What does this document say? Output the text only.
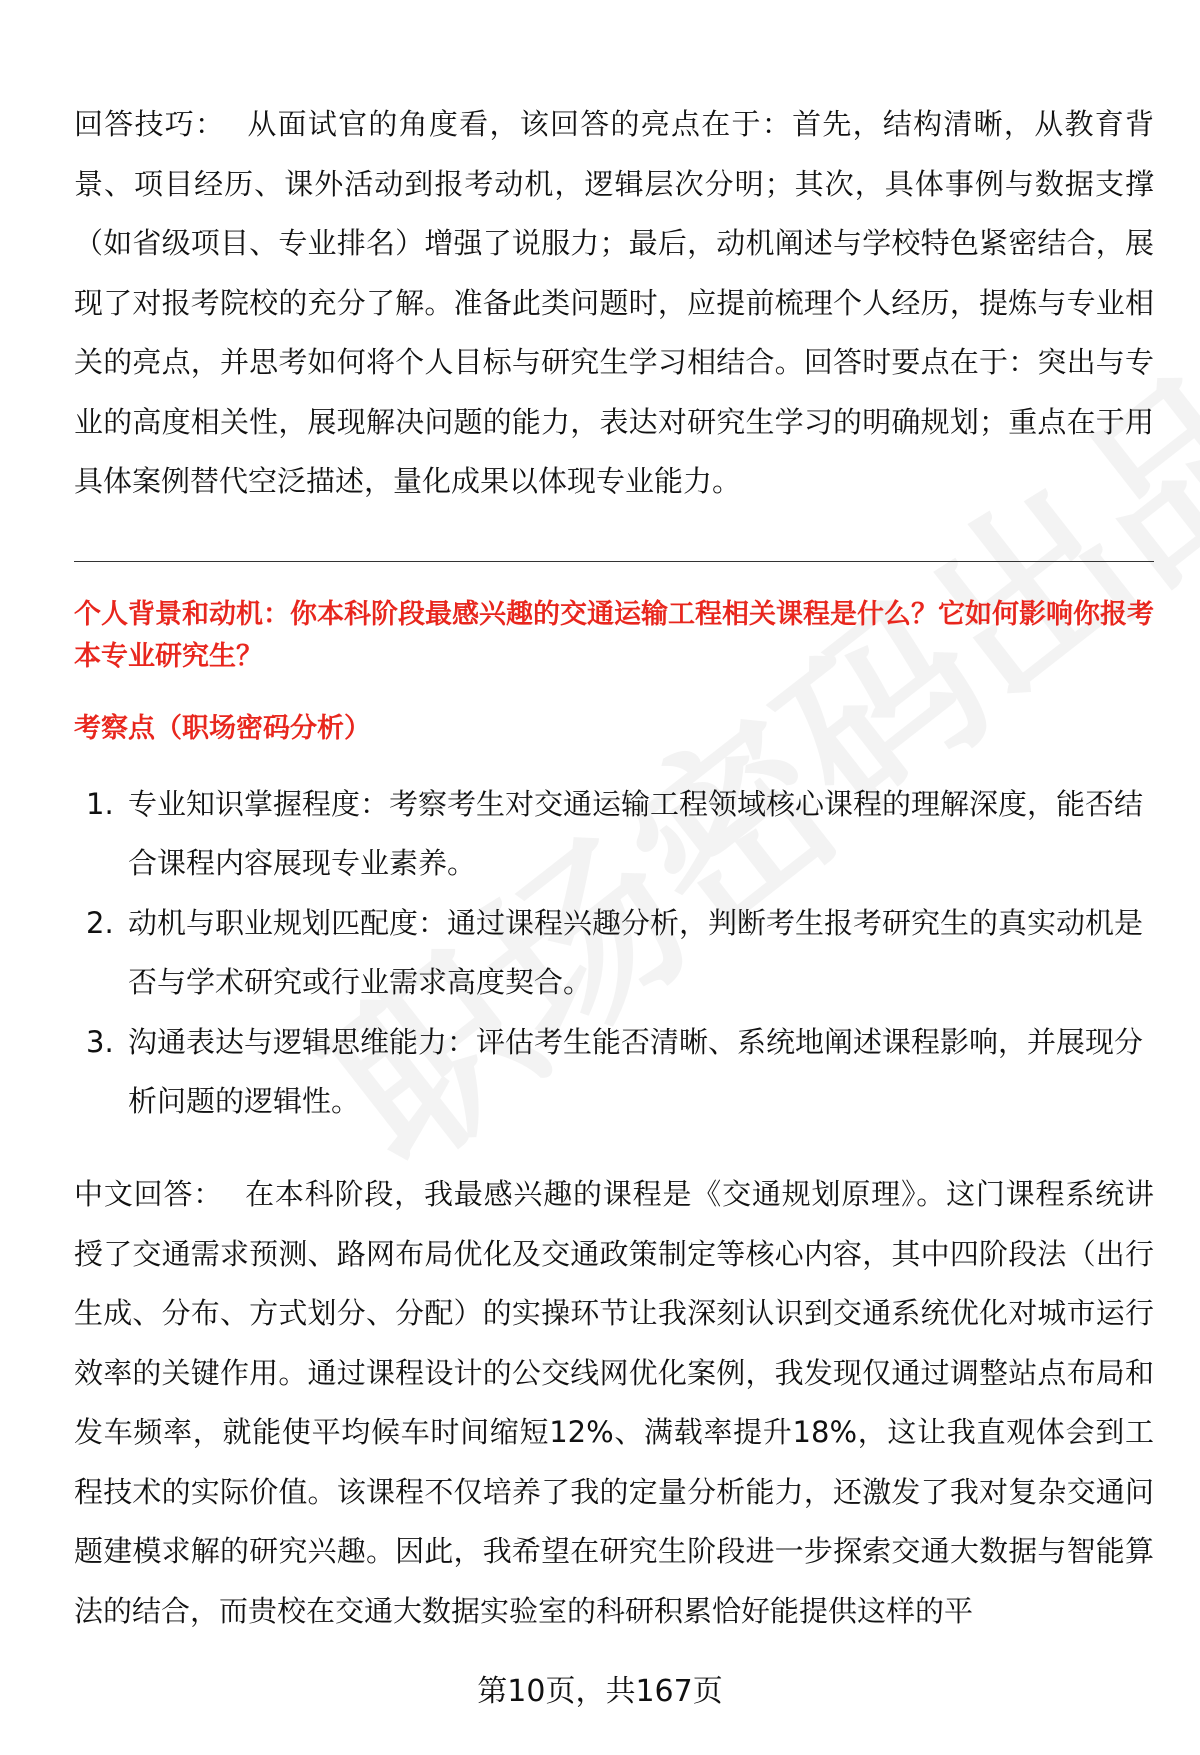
回答技巧： 从面试官的角度看，该回答的亮点在于：首先，结构清晰，从教育背景、项目经历、课外活动到报考动机，逻辑层次分明；其次，具体事例与数据支撑（如省级项目、专业排名）增强了说服力；最后，动机阐述与学校特色紧密结合，展现了对报考院校的充分了解。准备此类问题时，应提前梳理个人经历，提炼与专业相关的亮点，并思考如何将个人目标与研究生学习相结合。回答时要点在于：突出与专业的高度相关性，展现解决问题的能力，表达对研究生学习的明确规划；重点在于用具体案例替代空泛描述，量化成果以体现专业能力。

个人背景和动机：你本科阶段最感兴趣的交通运输工程相关课程是什么？它如何影响你报考本专业研究生？
考察点（职场密码分析）
1. 专业知识掌握程度：考察考生对交通运输工程领域核心课程的理解深度，能否结合课程内容展现专业素养。
2. 动机与职业规划匹配度：通过课程兴趣分析，判断考生报考研究生的真实动机是否与学术研究或行业需求高度契合。
3. 沟通表达与逻辑思维能力：评估考生能否清晰、系统地阐述课程影响，并展现分析问题的逻辑性。

中文回答： 在本科阶段，我最感兴趣的课程是《交通规划原理》。这门课程系统讲授了交通需求预测、路网布局优化及交通政策制定等核心内容，其中四阶段法（出行生成、分布、方式划分、分配）的实操环节让我深刻认识到交通系统优化对城市运行效率的关键作用。通过课程设计的公交线网优化案例，我发现仅通过调整站点布局和发车频率，就能使平均候车时间缩短12%、满载率提升18%，这让我直观体会到工程技术的实际价值。该课程不仅培养了我的定量分析能力，还激发了我对复杂交通问题建模求解的研究兴趣。因此，我希望在研究生阶段进一步探索交通大数据与智能算法的结合，而贵校在交通大数据实验室的科研积累恰好能提供这样的平

第10页，共167页
